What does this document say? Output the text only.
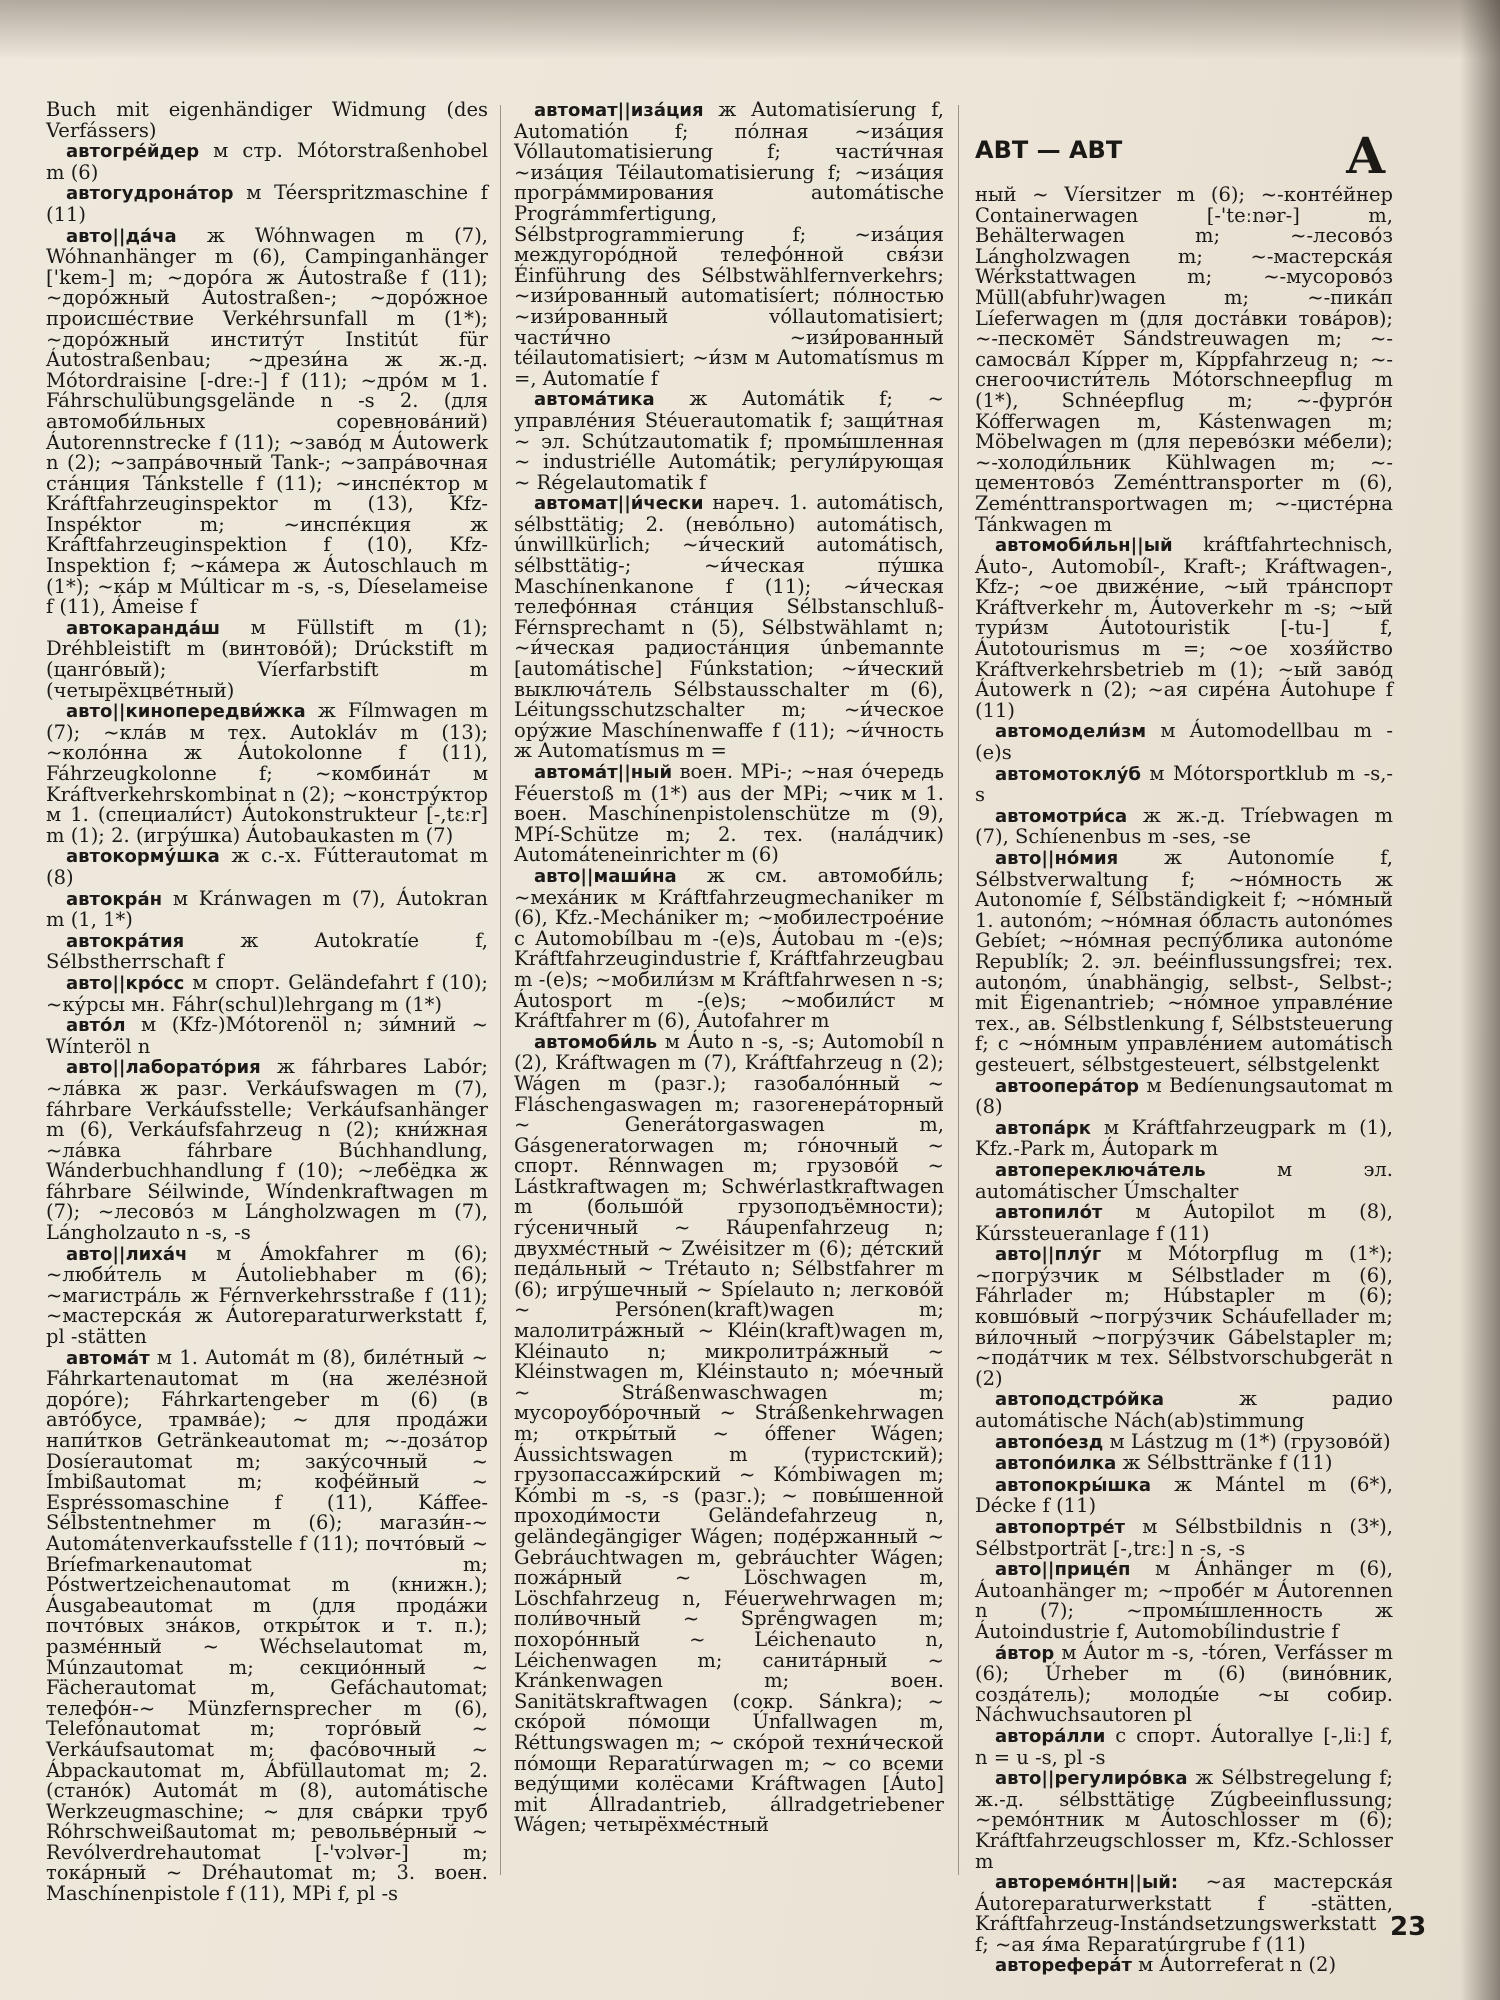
ABT — ABT	A

Buch mit eigenhändiger Widmung (des Verfássers)

автогре́йдер м стр. Mótorstraßenhobel m (6)

автогудрона́тор м Téerspritzmaschine f (11)

авто||да́ча ж Wóhnwagen m (7), Wóhnanhänger m (6), Campinganhänger ['kem-] m; ~доро́га ж Áutostraße f (11); ~доро́жный Áutostraßen-; ~доро́жное происше́ствие Verkéhrsunfall m (1*); ~доро́жный институ́т Institút für Áutostraßenbau; ~дрези́на ж ж.-д. Mótordraisine [-dreː-] f (11); ~дро́м м 1. Fáhrschulübungsgelände n -s 2. (для автомоби́льных соревнова́ний) Áutorennstrecke f (11); ~заво́д м Áutowerk n (2); ~запра́вочный Tank-; ~запра́вочная ста́нция Tánkstelle f (11); ~инспе́ктор м Kráftfahrzeuginspektor m (13), Kfz-Inspéktor m; ~инспе́кция ж Kráftfahrzeuginspektion f (10), Kfz-Inspektion f; ~ка́мера ж Áutoschlauch m (1*); ~ка́р м Múlticar m -s, -s, Díeselameise f (11), Ámeise f

автокаранда́ш м Füllstift m (1); Dréhbleistift m (винтово́й); Drúckstift m (цанго́вый); Víerfarbstift m (четырёхцве́тный)

авто||кинопередви́жка ж Fílmwagen m (7); ~кла́в м тех. Autokláv m (13); ~коло́нна ж Áutokolonne f (11), Fáhrzeugkolonne f; ~комбина́т м Kráftverkehrskombinat n (2); ~констру́ктор м 1. (специали́ст) Áutokonstrukteur [-,tɛːr] m (1); 2. (игру́шка) Áutobaukasten m (7)

автокорму́шка ж с.-х. Fútterautomat m (8)

автокра́н м Kránwagen m (7), Áutokran m (1, 1*)

автокра́тия	ж Autokratíe f, Sélbstherrschaft f

авто||кро́сс м спорт. Geländefahrt f (10); ~ку́рсы мн. Fáhr(schul)lehrgang m (1*)

авто́л м (Kfz-)Mótorenöl n; зи́мний ~ Wínteröl n

авто||лаборато́рия ж fáhrbares Labór; ~ла́вка ж разг. Verkáufswagen m (7), fáhrbare Verkáufsstelle; Verkáufsanhänger m (6), Verkáufsfahrzeug n (2); кни́жная ~ла́вка fáhrbare Búchhandlung, Wánderbuchhandlung f (10); ~лебёдка ж fáhrbare Séilwinde, Wíndenkraftwagen m (7); ~лесово́з м Lángholzwagen m (7), Lángholzauto n -s, -s

авто||лиха́ч м Ámokfahrer m (6); ~люби́тель м Áutoliebhaber m (6); ~магистра́ль ж Férnverkehrsstraße f (11); ~мастерска́я ж Áutoreparaturwerkstatt f, pl -stätten

автома́т м 1. Automát m (8), биле́тный ~ Fáhrkartenautomat m (на желе́зной доро́ге); Fáhrkartengeber m (6) (в авто́бусе, трамва́е); ~ для прода́жи напи́тков Getränkeautomat m; ~-доза́тор Dosíerautomat m; заку́сочный ~ Ímbißautomat m; кофе́йный ~ Espréssomaschine f (11), Káffee-Sélbstentnehmer m (6); магази́н-~ Automátenverkaufsstelle f (11); почто́вый ~ Bríefmarkenautomat m; Póstwertzeichenautomat m (книжн.); Áusgabeautomat m (для прода́жи почто́вых зна́ков, откры́ток и т. п.); разме́нный ~ Wéchselautomat m, Múnzautomat m; секцио́нный ~ Fächerautomat m, Gefáchautomat; телефо́н-~ Münzfernsprecher m (6), Telefónautomat m; торго́вый ~ Verkáufsautomat m; фасо́вочный ~ Ábpackautomat m, Ábfüllautomat m; 2. (стано́к) Automát m (8), automátische Werkzeugmaschine; ~ для сва́рки труб Róhrschweißautomat m; револьве́рный ~ Revólverdrehautomat [-'vɔlvər-] m; тока́рный ~ Dréhautomat m; 3. воен. Maschínenpistole f (11), MPi f, pl -s

автомат||иза́ция ж Automatisíerung f, Automatión f; по́лная ~иза́ция Vóllautomatisierung f; части́чная ~иза́ция Téilautomatisierung f; ~иза́ция програ́ммирования automátische Prográmmfertigung, Sélbstprogrammierung f; ~иза́ция междугоро́дной телефо́нной свя́зи Éinführung des Sélbstwählfernverkehrs; ~изи́рованный automatisíert; по́лностью ~изи́рованный vóllautomatisiert; части́чно ~изи́рованный téilautomatisiert; ~и́зм м Automatísmus m =, Automatíe f

автома́тика ж Automátik f; ~ управле́ния Stéuerautomatik f; защи́тная ~ эл. Schútzautomatik f; промы́шленная ~ industriélle Automátik; регули́рующая ~ Régelautomatik f

автомат||и́чески нареч. 1. automátisch, sélbsttätig; 2. (нево́льно) automátisch, únwillkürlich; ~и́ческий automátisch, sélbsttätig-; ~и́ческая пу́шка Maschínenkanone f (11); ~и́ческая телефо́нная ста́нция Sélbstanschluß-Férnsprechamt n (5), Sélbstwählamt n; ~и́ческая радиоста́нция únbemannte [automátische] Fúnkstation; ~и́ческий выключа́тель Sélbstausschalter m (6), Léitungsschutzschalter m; ~и́ческое ору́жие Maschínenwaffe f (11); ~и́чность ж Automatísmus m =

автома́т||ный воен. MPi-; ~ная о́чередь Féuerstoß m (1*) aus der MPi; ~чик м 1. воен. Maschínenpistolenschütze m (9), MPí-Schütze m; 2. тех. (нала́дчик) Automáteneinrichter m (6)

авто||маши́на ж см. автомоби́ль; ~меха́ник м Kráftfahrzeugmechaniker m (6), Kfz.-Mechániker m; ~мобилестрое́ние с Automobílbau m -(e)s, Áutobau m -(e)s; Kráftfahrzeugindustrie f, Kráftfahrzeugbau m -(e)s; ~мобили́зм м Kráftfahrwesen n -s; Áutosport m -(e)s; ~мобили́ст м Kráftfahrer m (6), Áutofahrer m

автомоби́ль м Áuto n -s, -s; Automobíl n (2), Kráftwagen m (7), Kráftfahrzeug n (2); Wágen m (разг.); газобало́нный ~ Fláschengaswagen m; газогенера́торный ~ Generátorgaswagen m, Gásgeneratorwagen m; го́ночный ~ спорт. Rénnwagen m; грузово́й ~ Lástkraftwagen m; Schwérlastkraftwagen m (большо́й грузоподъёмности); гу́сеничный ~ Ráupenfahrzeug n; двухме́стный ~ Zwéisitzer m (6); де́тский педа́льный ~ Trétauto n; Sélbstfahrer m (6); игру́шечный ~ Spíelauto n; легково́й ~ Persónen(kraft)wagen m; малолитра́жный ~ Kléin(kraft)wagen m, Kléinauto n; микролитра́жный ~ Kléinstwagen m, Kléinstauto n; мо́ечный ~ Stráßenwaschwagen m; мусороубо́рочный ~ Stráßenkehrwagen m; откры́тый ~ óffener Wágen; Áussichtswagen m (туристский); грузопассажи́рский ~ Kómbiwagen m; Kómbi m -s, -s (разг.); ~ повы́шенной проходи́мости Geländefahrzeug n, geländegängiger Wágen; поде́ржанный ~ Gebráuchtwagen m, gebráuchter Wágen; пожа́рный ~ Löschwagen m, Löschfahrzeug n, Féuerwehrwagen m; поли́вочный ~ Sprḗngwagen m; похоро́нный ~ Léichenauto n, Léichenwagen m; санита́рный ~ Kránkenwagen m; воен. Sanitätskraftwagen (сокр. Sánkra); ~ ско́рой по́мощи Únfallwagen m, Réttungswagen m; ~ ско́рой техни́ческой по́мощи Reparatúrwagen m; ~ со всеми веду́щими колёсами Kráftwagen [Áuto] mit Állradantrieb, állradgetriebener Wágen; четырёхме́стный

ный ~ Víersitzer m (6); ~-конте́йнер Containerwagen [-'teːnər-] m, Behälterwagen m; ~-лесово́з Lángholzwagen m; ~-мастерска́я Wérkstattwagen m; ~-мусорово́з Müll(abfuhr)wagen m; ~-пика́п Líeferwagen m (для доста́вки това́ров); ~-пескомёт Sándstreuwagen m; ~-самосва́л Kípper m, Kíppfahrzeug n; ~-снегоочисти́тель Mótorschneepflug m (1*), Schnéepflug m; ~-фурго́н Kófferwagen m, Kástenwagen m; Möbelwagen m (для перево́зки ме́бели); ~-холоди́льник Kühlwagen m; ~-цементово́з Zeménttransporter m (6), Zeménttransportwagen m; ~-цисте́рна Tánkwagen m

автомоби́льн||ый kráftfahrtechnisch, Áuto-, Automobíl-, Kraft-; Kráftwagen-, Kfz-; ~ое движе́ние, ~ый тра́нспорт Kráftverkehr m, Áutoverkehr m -s; ~ый тури́зм Áutotouristik [-tu-] f, Áutotourismus m =; ~ое хозя́йство Kráftverkehrsbetrieb m (1); ~ый заво́д Áutowerk n (2); ~ая сире́на Áutohupe f (11)

автомодели́зм м Áutomodellbau m -(e)s

автомотоклу́б м Mótorsportklub m -s,-s

автомотри́са ж ж.-д. Tríebwagen m (7), Schíenenbus m -ses, -se

авто||но́мия ж Autonomíe f, Sélbstverwaltung f; ~но́мность ж Autonomíe f, Sélbständigkeit f; ~но́мный 1. autonóm; ~но́мная о́бласть autonómes Gebíet; ~но́мная респу́блика autonóme Republík; 2. эл. beéinflussungsfrei; тех. autonóm, únabhängig, selbst-, Selbst-; mit Éigenantrieb; ~но́мное управле́ние тех., ав. Sélbstlenkung f, Sélbststeuerung f; с ~но́мным управле́нием automátisch gesteuert, sélbstgesteuert, sélbstgelenkt

автоопера́тор м Bedíenungsautomat m (8)

автопа́рк м Kráftfahrzeugpark m (1), Kfz.-Park m, Áutopark m

автопереключа́тель	м эл. automátischer Úmschalter

автопило́т м Áutopilot m (8), Kúrssteueranlage f (11)

авто||плу́г м Mótorpflug m (1*); ~погру́зчик м Sélbstlader m (6), Fáhrlader m; Húbstapler m (6); ковшо́вый ~погру́зчик Scháufellader m; ви́лочный ~погру́зчик Gábelstapler m; ~пода́тчик м тех. Sélbstvorschubgerät n (2)

автоподстро́йка	ж радио automátische Nách(ab)stimmung

автопо́езд м Lástzug m (1*) (грузово́й)

автопо́илка ж Sélbsttränke f (11)

автопокры́шка ж Mántel m (6*), Décke f (11)

автопортре́т м Sélbstbildnis n (3*), Sélbstporträt [-,trɛː] n -s, -s

авто||прице́п м Ánhänger m (6), Áutoanhänger m; ~пробе́г м Áutorennen n (7); ~промы́шленность ж Áutoindustrie f, Automobílindustrie f

а́втор м Áutor m -s, -tóren, Verfásser m (6); Úrheber m (6) (вино́вник, созда́тель); молоды́е ~ы собир. Náchwuchsautoren pl

автора́лли с спорт. Áutorallye [-,liː] f, n = u -s, pl -s

авто||регулиро́вка ж Sélbstregelung f; ж.-д. sélbsttätige Zúgbeeinflussung; ~ремо́нтник м Áutoschlosser m (6); Kráftfahrzeugschlosser m, Kfz.-Schlosser m

авторемо́нтн||ый: ~ая мастерска́я Áutoreparaturwerkstatt f -stätten, Kráftfahrzeug-Instándsetzungswerkstatt f; ~ая я́ма Reparatúrgrube f (11)

авторефера́т м Áutorreferat n (2)

23
